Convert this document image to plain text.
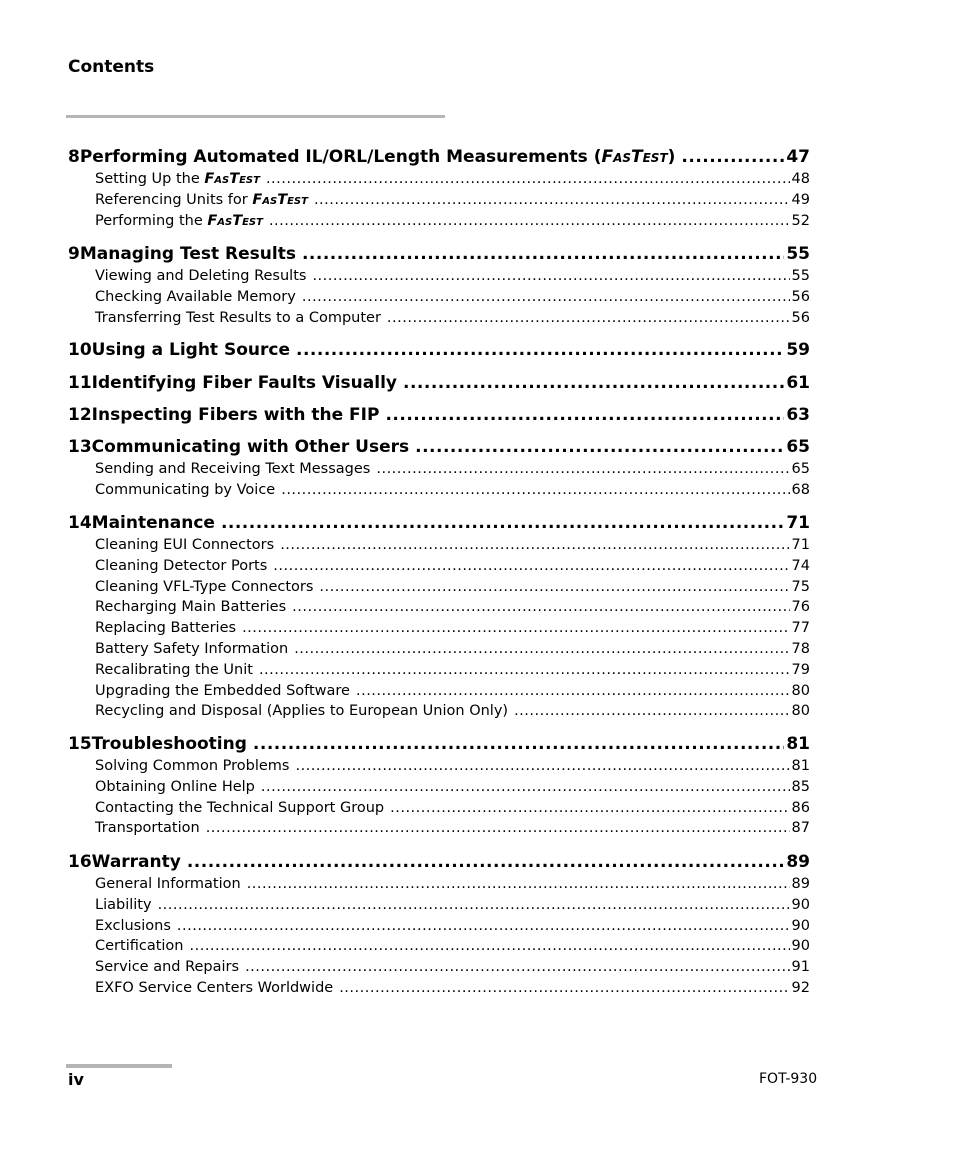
Contents
8 Performing Automated IL/ORL/Length Measurements (FasTest) .....	47
Setting Up the FasTest .....	48
Referencing Units for FasTest .....	49
Performing the FasTest .....	52
9 Managing Test Results .....	55
Viewing and Deleting Results .....	55
Checking Available Memory .....	56
Transferring Test Results to a Computer .....	56
10 Using a Light Source .....	59
11 Identifying Fiber Faults Visually .....	61
12 Inspecting Fibers with the FIP .....	63
13 Communicating with Other Users .....	65
Sending and Receiving Text Messages .....	65
Communicating by Voice .....	68
14 Maintenance .....	71
Cleaning EUI Connectors .....	71
Cleaning Detector Ports .....	74
Cleaning VFL-Type Connectors .....	75
Recharging Main Batteries .....	76
Replacing Batteries .....	77
Battery Safety Information .....	78
Recalibrating the Unit .....	79
Upgrading the Embedded Software .....	80
Recycling and Disposal (Applies to European Union Only) .....	80
15 Troubleshooting .....	81
Solving Common Problems .....	81
Obtaining Online Help .....	85
Contacting the Technical Support Group .....	86
Transportation .....	87
16 Warranty .....	89
General Information .....	89
Liability .....	90
Exclusions .....	90
Certification .....	90
Service and Repairs .....	91
EXFO Service Centers Worldwide .....	92
iv	FOT-930
